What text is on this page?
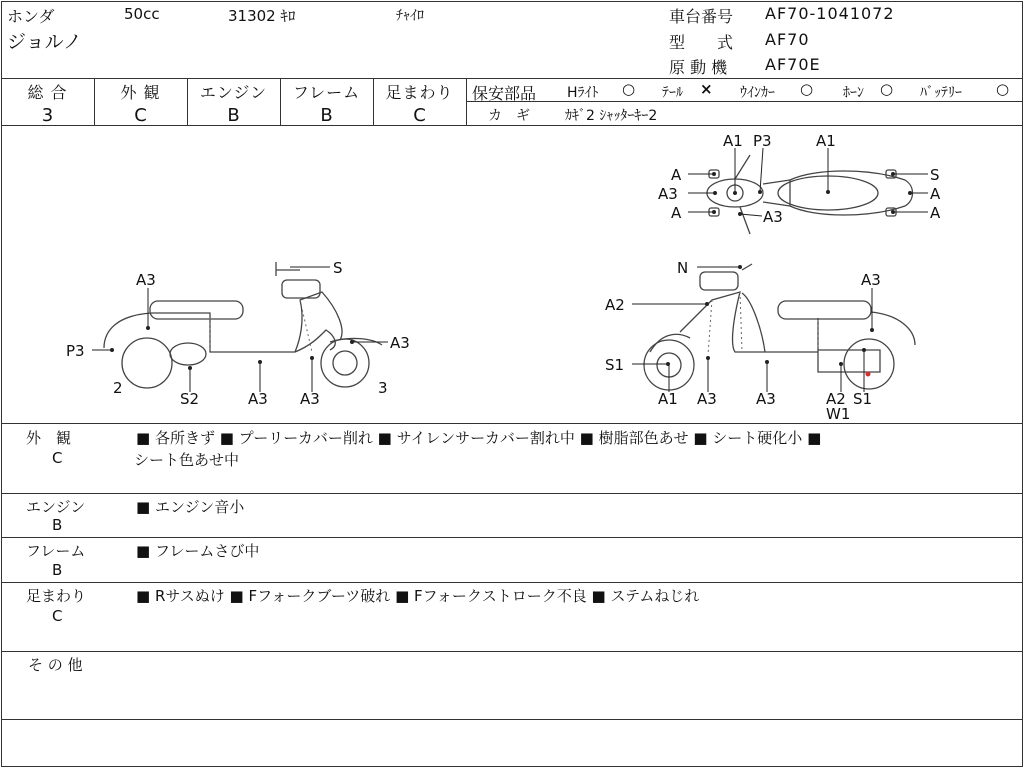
ホンダ	50cc	31302 ｷﾛ	ﾁｬｲﾛ
ジョルノ
車台番号 AF70-1041072
型　　式 AF70
原 動 機 AF70E
総 合
3
外 観
C
エンジン
B
フレーム
B
足まわり
C
保安部品 Hﾗｲﾄ ○ ﾃｰﾙ × ｳｲﾝｶｰ ○ ﾎｰﾝ ○ ﾊﾞｯﾃﾘｰ ○
カ　ギ	ｶｷﾞ2 ｼｬｯﾀｰｷｰ2
A1 P3	A1
A
A3
A	A3
S
A
A
A3
S
P3	A3
2
S2	A3 A3
3
N
A3
A2
A3
S1
A1	A3	A2 S1
W1
外　観
C
■ 各所きず ■ プーリーカバー削れ ■ サイレンサーカバー割れ中 ■ 樹脂部色あせ ■ シート硬化小 ■
シート色あせ中
エンジン
B
■ エンジン音小
フレーム
B
■ フレームさび中
足まわり
C
■ Rサスぬけ ■ Fフォークブーツ破れ ■ Fフォークストローク不良 ■ ステムねじれ
そ の 他
